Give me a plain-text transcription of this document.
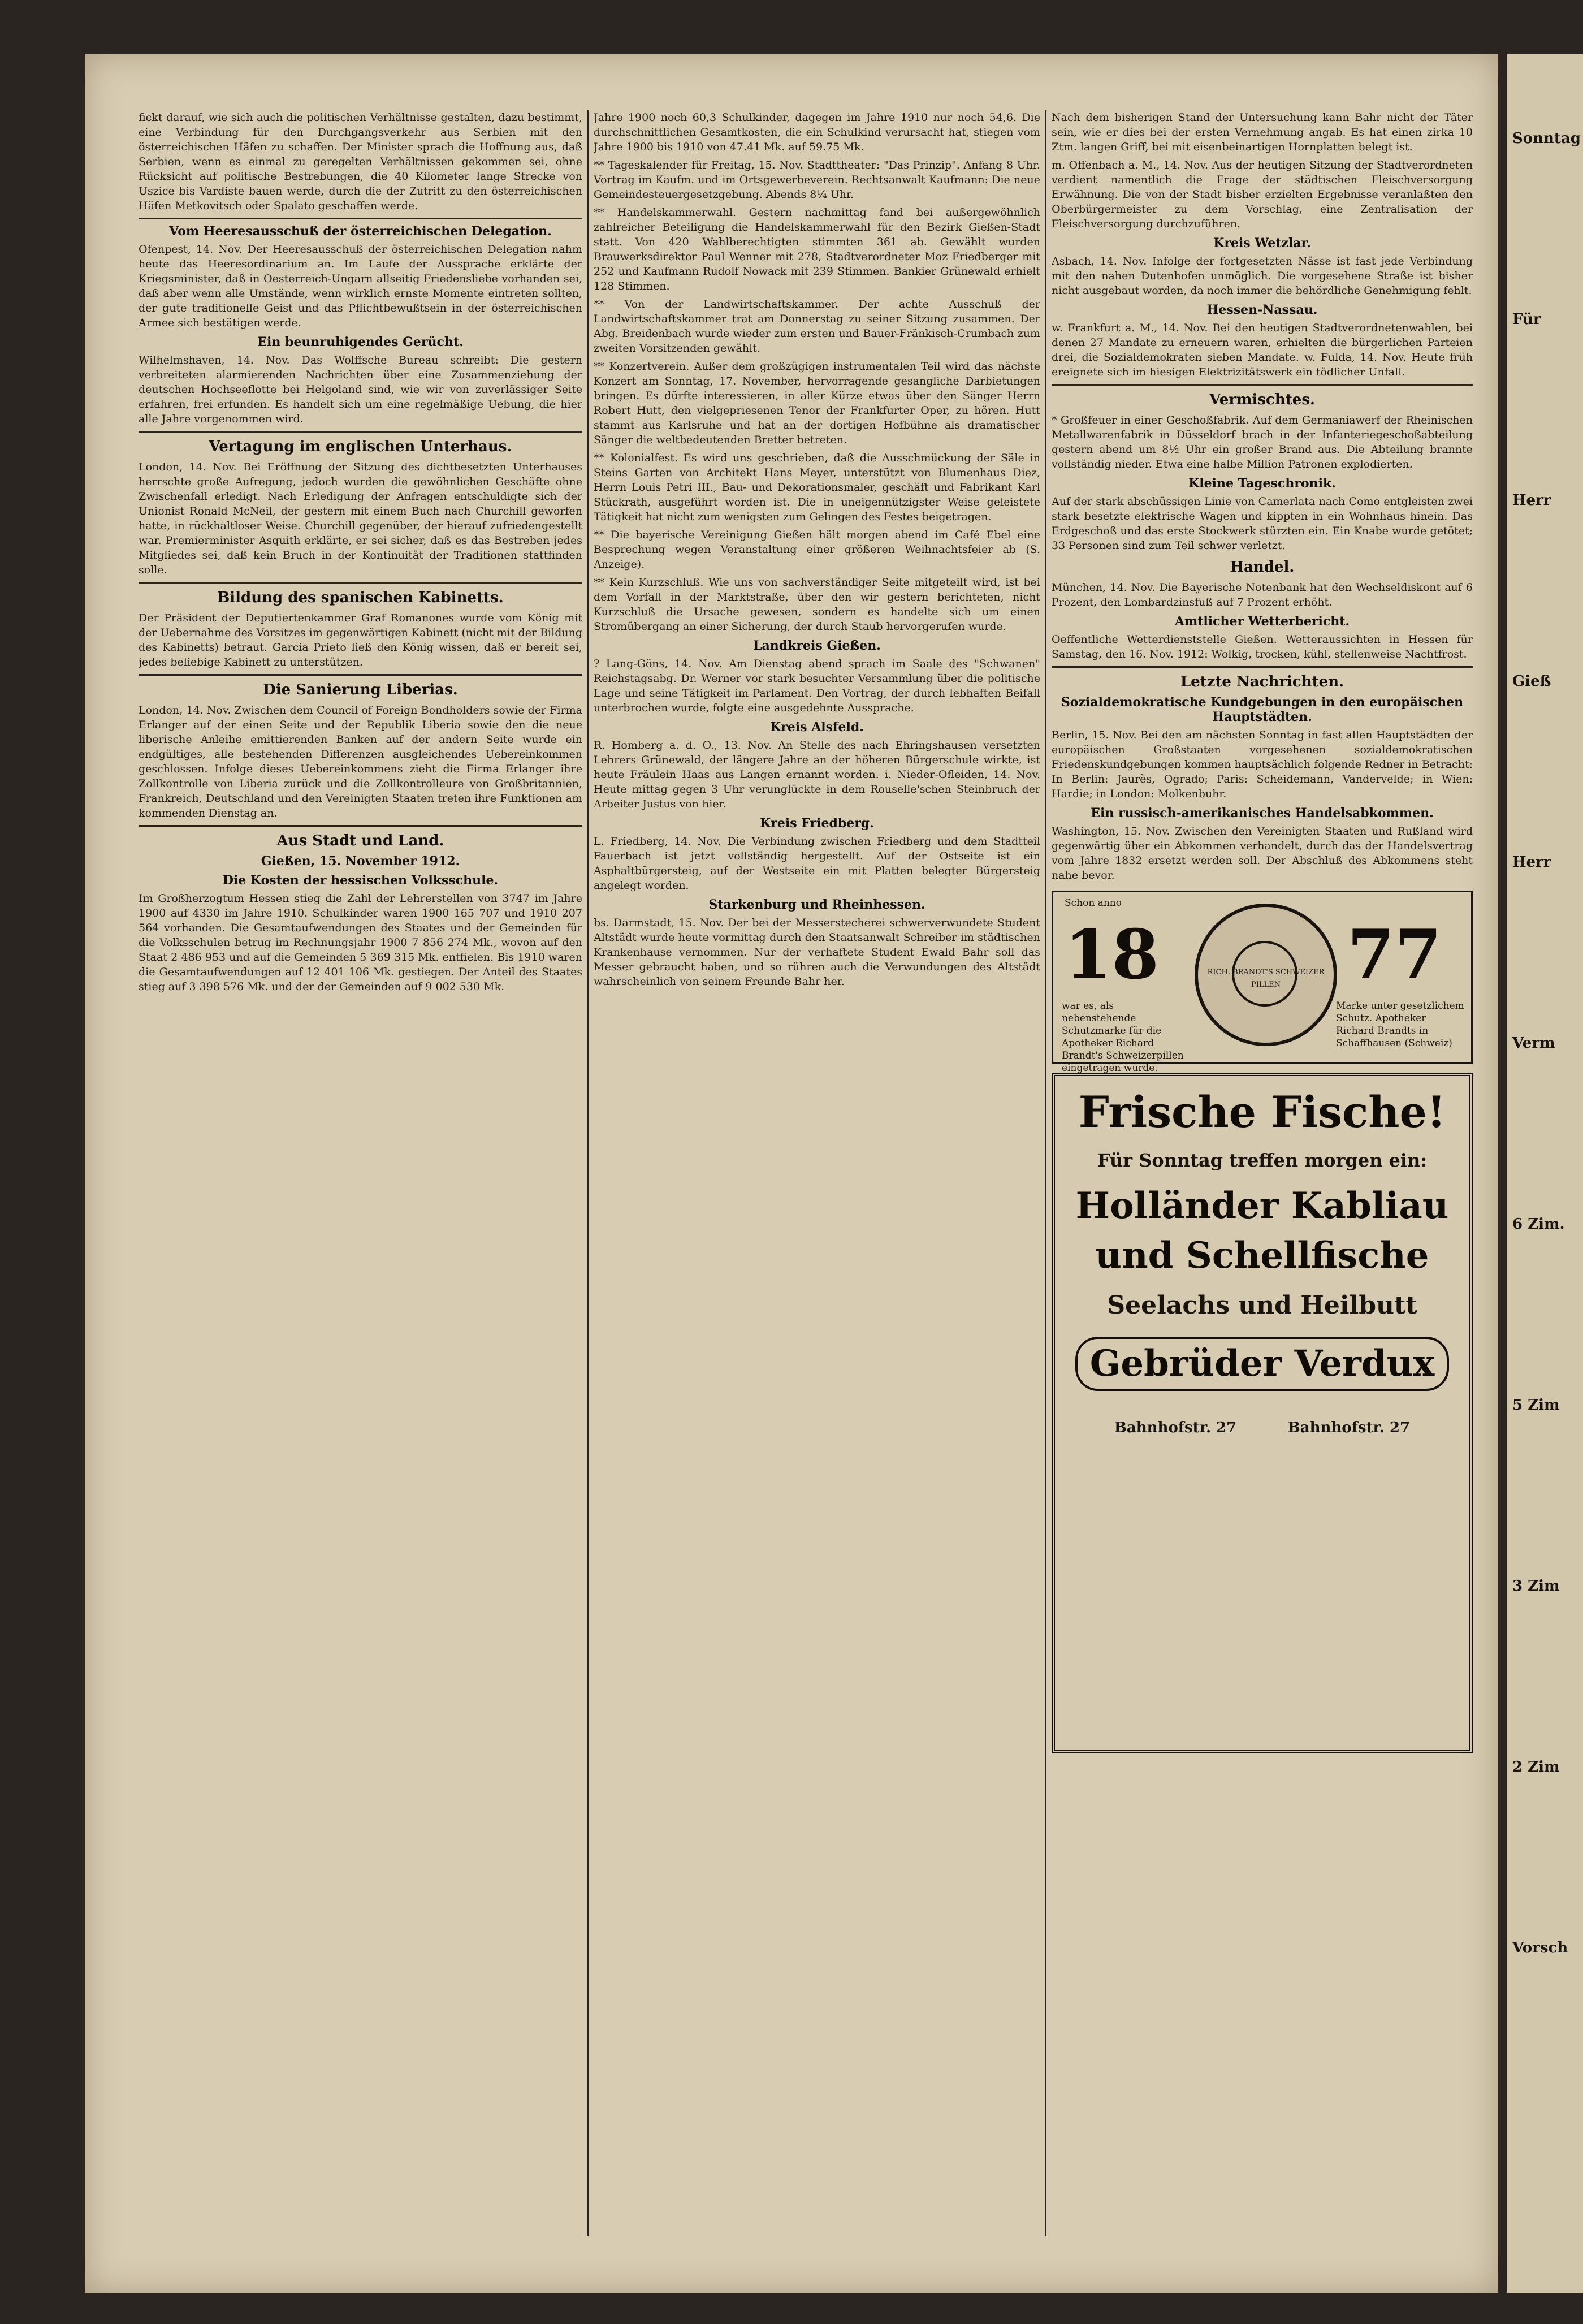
fickt darauf, wie sich auch die politischen Verhältnisse gestalten, dazu bestimmt, eine Verbindung für den Durchgangsverkehr aus Serbien mit den österreichischen Häfen zu schaffen. Der Minister sprach die Hoffnung aus, daß Serbien, wenn es einmal zu geregelten Verhältnissen gekommen sei, ohne Rücksicht auf politische Bestrebungen, die 40 Kilometer lange Strecke von Uszice bis Vardiste bauen werde, durch die der Zutritt zu den österreichischen Häfen Metkovitsch oder Spalato geschaffen werde.

Vom Heeresausschuß der österreichischen Delegation.

Ofenpest, 14. Nov. Der Heeresausschuß der österreichischen Delegation nahm heute das Heeresordinarium an. Im Laufe der Aussprache erklärte der Kriegsminister, daß in Oesterreich-Ungarn allseitig Friedensliebe vorhanden sei, daß aber wenn alle Umstände, wenn wirklich ernste Momente eintreten sollten, der gute traditionelle Geist und das Pflichtbewußtsein in der österreichischen Armee sich bestätigen werde.

Ein beunruhigendes Gerücht.

Wilhelmshaven, 14. Nov. Das Wolffsche Bureau schreibt: Die gestern verbreiteten alarmierenden Nachrichten über eine Zusammenziehung der deutschen Hochseeflotte bei Helgoland sind, wie wir von zuverlässiger Seite erfahren, frei erfunden. Es handelt sich um eine regelmäßige Uebung, die hier alle Jahre vorgenommen wird.

Vertagung im englischen Unterhaus.

London, 14. Nov. Bei Eröffnung der Sitzung des dichtbesetzten Unterhauses herrschte große Aufregung, jedoch wurden die gewöhnlichen Geschäfte ohne Zwischenfall erledigt. Nach Erledigung der Anfragen entschuldigte sich der Unionist Ronald McNeil, der gestern mit einem Buch nach Churchill geworfen hatte, in rückhaltloser Weise. Churchill gegenüber, der hierauf zufriedengestellt war. Premierminister Asquith erklärte, er sei sicher, daß es das Bestreben jedes Mitgliedes sei, daß kein Bruch in der Kontinuität der Traditionen stattfinden solle.

Bildung des spanischen Kabinetts.

Der Präsident der Deputiertenkammer Graf Romanones wurde vom König mit der Uebernahme des Vorsitzes im gegenwärtigen Kabinett (nicht mit der Bildung des Kabinetts) betraut. Garcia Prieto ließ den König wissen, daß er bereit sei, jedes beliebige Kabinett zu unterstützen.

Die Sanierung Liberias.

London, 14. Nov. Zwischen dem Council of Foreign Bondholders sowie der Firma Erlanger auf der einen Seite und der Republik Liberia sowie den die neue liberische Anleihe emittierenden Banken auf der andern Seite wurde ein endgültiges, alle bestehenden Differenzen ausgleichendes Uebereinkommen geschlossen. Infolge dieses Uebereinkommens zieht die Firma Erlanger ihre Zollkontrolle von Liberia zurück und die Zollkontrolleure von Großbritannien, Frankreich, Deutschland und den Vereinigten Staaten treten ihre Funktionen am kommenden Dienstag an.

Aus Stadt und Land.
Gießen, 15. November 1912.
Die Kosten der hessischen Volksschule.

Im Großherzogtum Hessen stieg die Zahl der Lehrerstellen von 3747 im Jahre 1900 auf 4330 im Jahre 1910. Schulkinder waren 1900 165 707 und 1910 207 564 vorhanden. Die Gesamtaufwendungen des Staates und der Gemeinden für die Volksschulen betrug im Rechnungsjahr 1900 7 856 274 Mk., wovon auf den Staat 2 486 953 und auf die Gemeinden 5 369 315 Mk. entfielen. Bis 1910 waren die Gesamtaufwendungen auf 12 401 106 Mk. gestiegen. Der Anteil des Staates stieg auf 3 398 576 Mk. und der der Gemeinden auf 9 002 530 Mk.

Jahre 1900 noch 60,3 Schulkinder, dagegen im Jahre 1910 nur noch 54,6. Die durchschnittlichen Gesamtkosten, die ein Schulkind verursacht hat, stiegen vom Jahre 1900 bis 1910 von 47.41 Mk. auf 59.75 Mk.

** Tageskalender für Freitag, 15. Nov. Stadttheater: "Das Prinzip". Anfang 8 Uhr. Vortrag im Kaufm. und im Ortsgewerbeverein. Rechtsanwalt Kaufmann: Die neue Gemeindesteuergesetzgebung. Abends 8¼ Uhr.

** Handelskammerwahl. Gestern nachmittag fand bei außergewöhnlich zahlreicher Beteiligung die Handelskammerwahl für den Bezirk Gießen-Stadt statt. Von 420 Wahlberechtigten stimmten 361 ab. Gewählt wurden Brauwerksdirektor Paul Wenner mit 278, Stadtverordneter Moz Friedberger mit 252 und Kaufmann Rudolf Nowack mit 239 Stimmen. Bankier Grünewald erhielt 128 Stimmen.

** Von der Landwirtschaftskammer. Der achte Ausschuß der Landwirtschaftskammer trat am Donnerstag zu seiner Sitzung zusammen. Der Abg. Breidenbach wurde wieder zum ersten und Bauer-Fränkisch-Crumbach zum zweiten Vorsitzenden gewählt.

** Konzertverein. Außer dem großzügigen instrumentalen Teil wird das nächste Konzert am Sonntag, 17. November, hervorragende gesangliche Darbietungen bringen. Es dürfte interessieren, in aller Kürze etwas über den Sänger Herrn Robert Hutt, den vielgepriesenen Tenor der Frankfurter Oper, zu hören. Hutt stammt aus Karlsruhe und hat an der dortigen Hofbühne als dramatischer Sänger die weltbedeutenden Bretter betreten.

** Kolonialfest. Es wird uns geschrieben, daß die Ausschmückung der Säle in Steins Garten von Architekt Hans Meyer, unterstützt von Blumenhaus Diez, Herrn Louis Petri III., Bau- und Dekorationsmaler, geschäft und Fabrikant Karl Stückrath, ausgeführt worden ist. Die in uneigennützigster Weise geleistete Tätigkeit hat nicht zum wenigsten zum Gelingen des Festes beigetragen.

** Die bayerische Vereinigung Gießen hält morgen abend im Café Ebel eine Besprechung wegen Veranstaltung einer größeren Weihnachtsfeier ab (S. Anzeige).

** Kein Kurzschluß. Wie uns von sachverständiger Seite mitgeteilt wird, ist bei dem Vorfall in der Marktstraße, über den wir gestern berichteten, nicht Kurzschluß die Ursache gewesen, sondern es handelte sich um einen Stromübergang an einer Sicherung, der durch Staub hervorgerufen wurde.

Landkreis Gießen.

? Lang-Göns, 14. Nov. Am Dienstag abend sprach im Saale des "Schwanen" Reichstagsabg. Dr. Werner vor stark besuchter Versammlung über die politische Lage und seine Tätigkeit im Parlament. Den Vortrag, der durch lebhaften Beifall unterbrochen wurde, folgte eine ausgedehnte Aussprache.

Kreis Alsfeld.

R. Homberg a. d. O., 13. Nov. An Stelle des nach Ehringshausen versetzten Lehrers Grünewald, der längere Jahre an der höheren Bürgerschule wirkte, ist heute Fräulein Haas aus Langen ernannt worden. i. Nieder-Ofleiden, 14. Nov. Heute mittag gegen 3 Uhr verunglückte in dem Rouselle'schen Steinbruch der Arbeiter Justus von hier.

Kreis Friedberg.

L. Friedberg, 14. Nov. Die Verbindung zwischen Friedberg und dem Stadtteil Fauerbach ist jetzt vollständig hergestellt. Auf der Ostseite ist ein Asphaltbürgersteig, auf der Westseite ein mit Platten belegter Bürgersteig angelegt worden.

Starkenburg und Rheinhessen.

bs. Darmstadt, 15. Nov. Der bei der Messerstecherei schwerverwundete Student Altstädt wurde heute vormittag durch den Staatsanwalt Schreiber im städtischen Krankenhause vernommen. Nur der verhaftete Student Ewald Bahr soll das Messer gebraucht haben, und so rühren auch die Verwundungen des Altstädt wahrscheinlich von seinem Freunde Bahr her.

Nach dem bisherigen Stand der Untersuchung kann Bahr nicht der Täter sein, wie er dies bei der ersten Vernehmung angab. Es hat einen zirka 10 Ztm. langen Griff, bei mit eisenbeinartigen Hornplatten belegt ist.

m. Offenbach a. M., 14. Nov. Aus der heutigen Sitzung der Stadtverordneten verdient namentlich die Frage der städtischen Fleischversorgung Erwähnung. Die von der Stadt bisher erzielten Ergebnisse veranlaßten den Oberbürgermeister zu dem Vorschlag, eine Zentralisation der Fleischversorgung durchzuführen.

Kreis Wetzlar.

Asbach, 14. Nov. Infolge der fortgesetzten Nässe ist fast jede Verbindung mit den nahen Dutenhofen unmöglich. Die vorgesehene Straße ist bisher nicht ausgebaut worden, da noch immer die behördliche Genehmigung fehlt.

Hessen-Nassau.

w. Frankfurt a. M., 14. Nov. Bei den heutigen Stadtverordnetenwahlen, bei denen 27 Mandate zu erneuern waren, erhielten die bürgerlichen Parteien drei, die Sozialdemokraten sieben Mandate. w. Fulda, 14. Nov. Heute früh ereignete sich im hiesigen Elektrizitätswerk ein tödlicher Unfall.

Vermischtes.

* Großfeuer in einer Geschoßfabrik. Auf dem Germaniawerf der Rheinischen Metallwarenfabrik in Düsseldorf brach in der Infanteriegeschoßabteilung gestern abend um 8½ Uhr ein großer Brand aus. Die Abteilung brannte vollständig nieder. Etwa eine halbe Million Patronen explodierten.

Kleine Tageschronik.

Auf der stark abschüssigen Linie von Camerlata nach Como entgleisten zwei stark besetzte elektrische Wagen und kippten in ein Wohnhaus hinein. Das Erdgeschoß und das erste Stockwerk stürzten ein. Ein Knabe wurde getötet; 33 Personen sind zum Teil schwer verletzt.

Handel.

München, 14. Nov. Die Bayerische Notenbank hat den Wechseldiskont auf 6 Prozent, den Lombardzinsfuß auf 7 Prozent erhöht.

Amtlicher Wetterbericht.

Oeffentliche Wetterdienststelle Gießen. Wetteraussichten in Hessen für Samstag, den 16. Nov. 1912: Wolkig, trocken, kühl, stellenweise Nachtfrost.

Letzte Nachrichten.
Sozialdemokratische Kundgebungen in den europäischen Hauptstädten.

Berlin, 15. Nov. Bei den am nächsten Sonntag in fast allen Hauptstädten der europäischen Großstaaten vorgesehenen sozialdemokratischen Friedenskundgebungen kommen hauptsächlich folgende Redner in Betracht: In Berlin: Jaurès, Ogrado; Paris: Scheidemann, Vandervelde; in Wien: Hardie; in London: Molkenbuhr.

Ein russisch-amerikanisches Handelsabkommen.

Washington, 15. Nov. Zwischen den Vereinigten Staaten und Rußland wird gegenwärtig über ein Abkommen verhandelt, durch das der Handelsvertrag vom Jahre 1832 ersetzt werden soll. Der Abschluß des Abkommens steht nahe bevor.

Schon anno
18	77
RICH. BRANDT'S SCHWEIZER PILLEN
war es, als nebenstehende Schutzmarke für die Apotheker Richard Brandt's Schweizerpillen eingetragen wurde.
Marke unter gesetzlichem Schutz. Apotheker Richard Brandts in Schaffhausen (Schweiz)
Frische Fische!
Für Sonntag treffen morgen ein:
Holländer Kabliau
und Schellfische
Seelachs und Heilbutt
Gebrüder Verdux
Bahnhofstr. 27	Bahnhofstr. 27
Sonntag
Für
Herr
Gieß
Herr
Verm
6 Zim.
5 Zim
3 Zim
2 Zim
Vorsch
